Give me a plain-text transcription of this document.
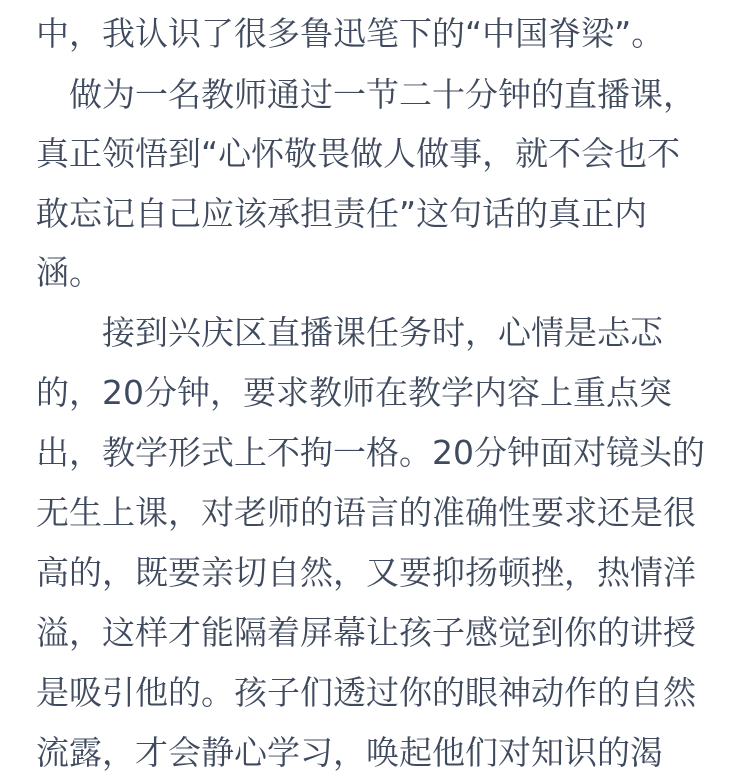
中，我认识了很多鲁迅笔下的“中国脊梁”。
　做为一名教师通过一节二十分钟的直播课，
真正领悟到“心怀敬畏做人做事，就不会也不
敢忘记自己应该承担责任”这句话的真正内
涵。
　　接到兴庆区直播课任务时，心情是忐忑
的，20分钟，要求教师在教学内容上重点突
出，教学形式上不拘一格。20分钟面对镜头的
无生上课，对老师的语言的准确性要求还是很
高的，既要亲切自然，又要抑扬顿挫，热情洋
溢，这样才能隔着屏幕让孩子感觉到你的讲授
是吸引他的。孩子们透过你的眼神动作的自然
流露，才会静心学习，唤起他们对知识的渴
